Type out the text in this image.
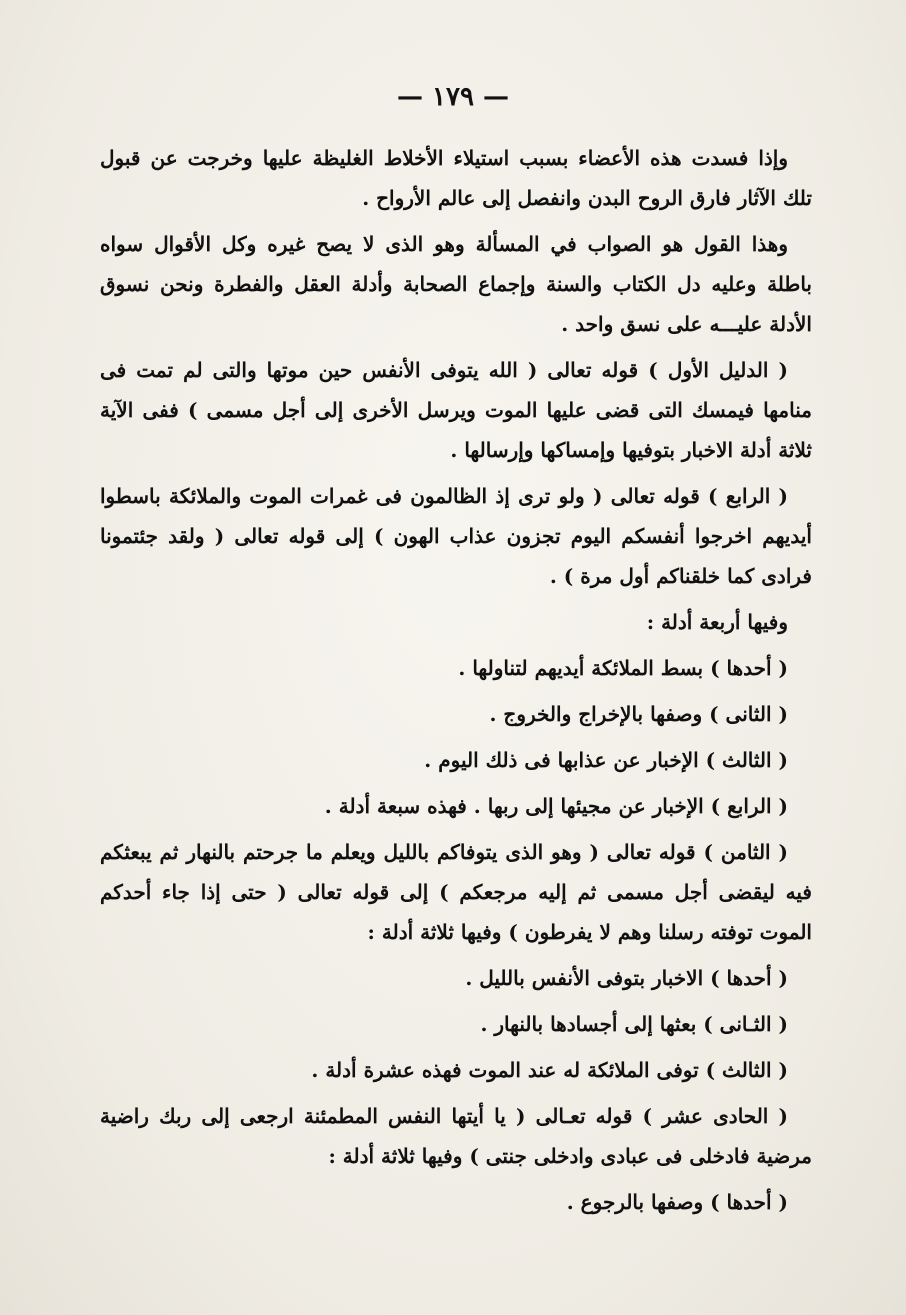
— ١٧٩ —

وإذا فسدت هذه الأعضاء بسبب استيلاء الأخلاط الغليظة عليها وخرجت عن قبول تلك الآثار فارق الروح البدن وانفصل إلى عالم الأرواح .

وهذا القول هو الصواب في المسألة وهو الذى لا يصح غيره وكل الأقوال سواه باطلة وعليه دل الكتاب والسنة وإجماع الصحابة وأدلة العقل والفطرة ونحن نسوق الأدلة عليـــه على نسق واحد .

( الدليل الأول ) قوله تعالى ( الله يتوفى الأنفس حين موتها والتى لم تمت فى منامها فيمسك التى قضى عليها الموت ويرسل الأخرى إلى أجل مسمى ) ففى الآية ثلاثة أدلة الاخبار بتوفيها وإمساكها وإرسالها .

( الرابع ) قوله تعالى ( ولو ترى إذ الظالمون فى غمرات الموت والملائكة باسطوا أيديهم اخرجوا أنفسكم اليوم تجزون عذاب الهون ) إلى قوله تعالى ( ولقد جئتمونا فرادى كما خلقناكم أول مرة ) .

وفيها أربعة أدلة :

( أحدها ) بسط الملائكة أيديهم لتناولها .

( الثانى ) وصفها بالإخراج والخروج .

( الثالث ) الإخبار عن عذابها فى ذلك اليوم .

( الرابع ) الإخبار عن مجيئها إلى ربها . فهذه سبعة أدلة .

( الثامن ) قوله تعالى ( وهو الذى يتوفاكم بالليل ويعلم ما جرحتم بالنهار ثم يبعثكم فيه ليقضى أجل مسمى ثم إليه مرجعكم ) إلى قوله تعالى ( حتى إذا جاء أحدكم الموت توفته رسلنا وهم لا يفرطون ) وفيها ثلاثة أدلة :

( أحدها ) الاخبار بتوفى الأنفس بالليل .

( الثـانى ) بعثها إلى أجسادها بالنهار .

( الثالث ) توفى الملائكة له عند الموت فهذه عشرة أدلة .

( الحادى عشر ) قوله تعـالى ( يا أيتها النفس المطمئنة ارجعى إلى ربك راضية مرضية فادخلى فى عبادى وادخلى جنتى ) وفيها ثلاثة أدلة :

( أحدها ) وصفها بالرجوع .
